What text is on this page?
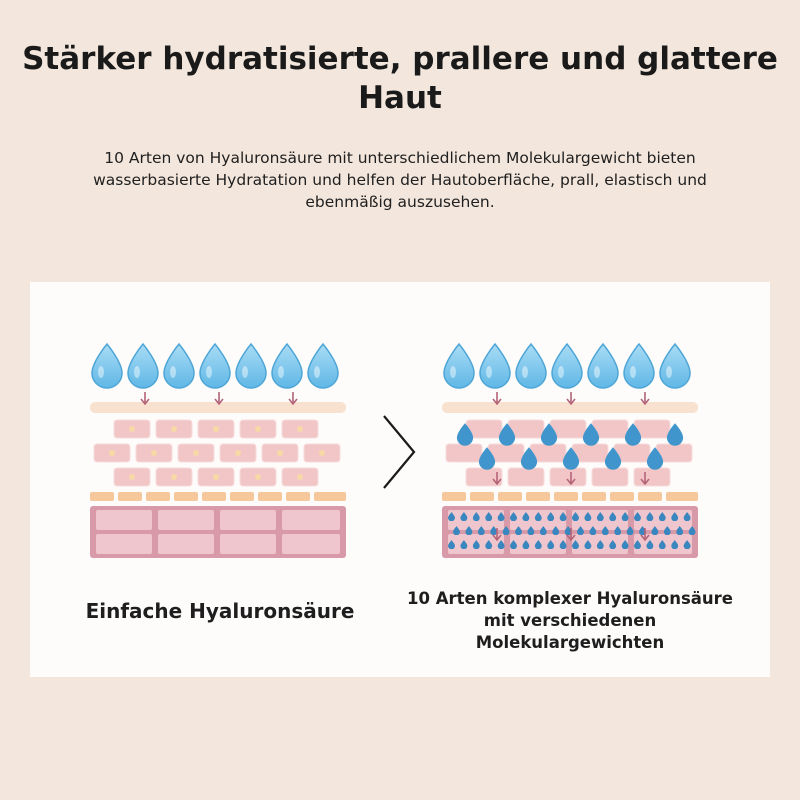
Stärker hydratisierte, prallere und glattere Haut

10 Arten von Hyaluronsäure mit unterschiedlichem Molekulargewicht bieten wasserbasierte Hydratation und helfen der Hautoberfläche, prall, elastisch und ebenmäßig auszusehen.

Einfache Hyaluronsäure

10 Arten komplexer Hyaluronsäure mit verschiedenen Molekulargewichten
